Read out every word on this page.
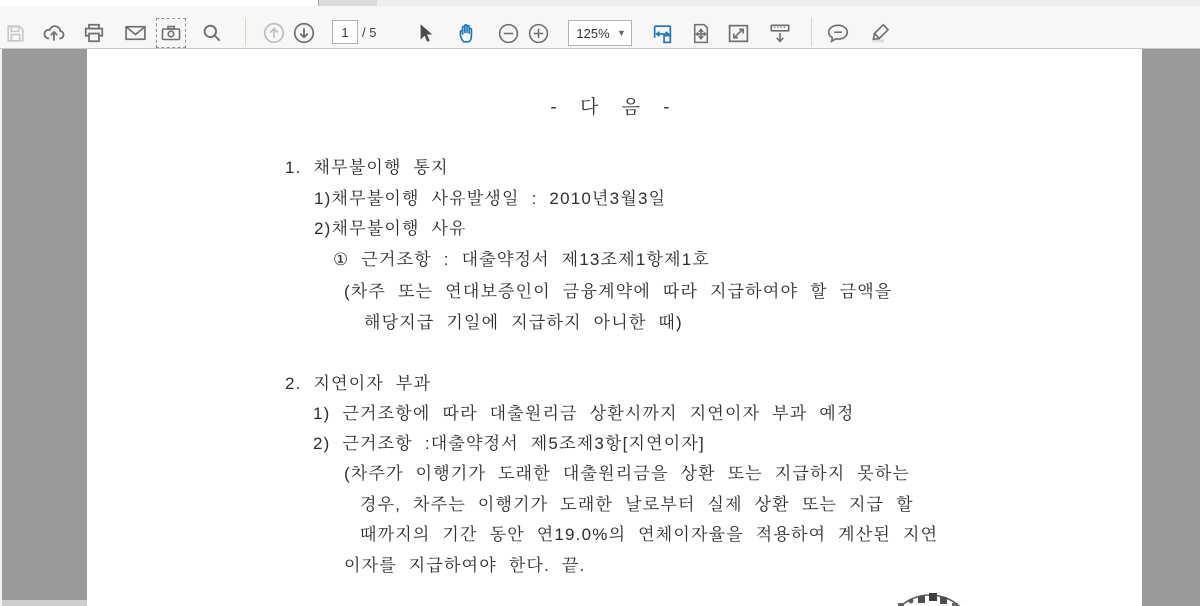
1
/ 5	125% ▼
- 다 음 -
1. 채무불이행 통지
1)채무불이행 사유발생일 : 2010년3월3일
2)채무불이행 사유
① 근거조항 : 대출약정서 제13조제1항제1호
(차주 또는 연대보증인이 금융계약에 따라 지급하여야 할 금액을
해당지급 기일에 지급하지 아니한 때)
2. 지연이자 부과
1) 근거조항에 따라 대출원리금 상환시까지 지연이자 부과 예정
2) 근거조항 :대출약정서 제5조제3항[지연이자]
(차주가 이행기가 도래한 대출원리금을 상환 또는 지급하지 못하는
경우, 차주는 이행기가 도래한 날로부터 실제 상환 또는 지급 할
때까지의 기간 동안 연19.0%의 연체이자율을 적용하여 계산된 지연
이자를 지급하여야 한다. 끝.
